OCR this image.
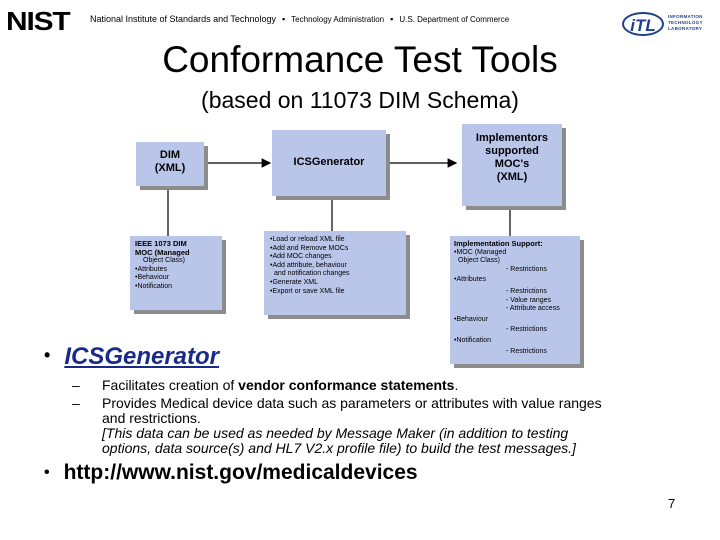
NIST	National Institute of Standards and Technology ▪ Technology Administration ▪ U.S. Department of Commerce	iTL	INFORMATION
TECHNOLOGY
LABORATORY
Conformance Test Tools
(based on 11073 DIM Schema)
DIM
(XML)	ICSGenerator
Implementors
supported
MOC's
(XML)
IEEE 1073 DIM
MOC (Managed
Object Class)
•Attributes
•Behaviour
•Notification
•Load or reload XML file
•Add and Remove MOCs
•Add MOC changes
•Add attribute, behaviour
and notification changes
•Generate XML
•Export or save XML file
Implementation Support:
•MOC (Managed
Object Class)
- Restrictions
•Attributes
- Restrictions
- Value ranges
- Attribute access
•Behaviour
- Restrictions
•Notification
- Restrictions
• ICSGenerator
– Facilitates creation of vendor conformance statements.
– Provides Medical device data such as parameters or attributes with value ranges
and restrictions.
[This data can be used as needed by Message Maker (in addition to testing
options, data source(s) and HL7 V2.x profile file) to build the test messages.]
• http://www.nist.gov/medicaldevices
7
